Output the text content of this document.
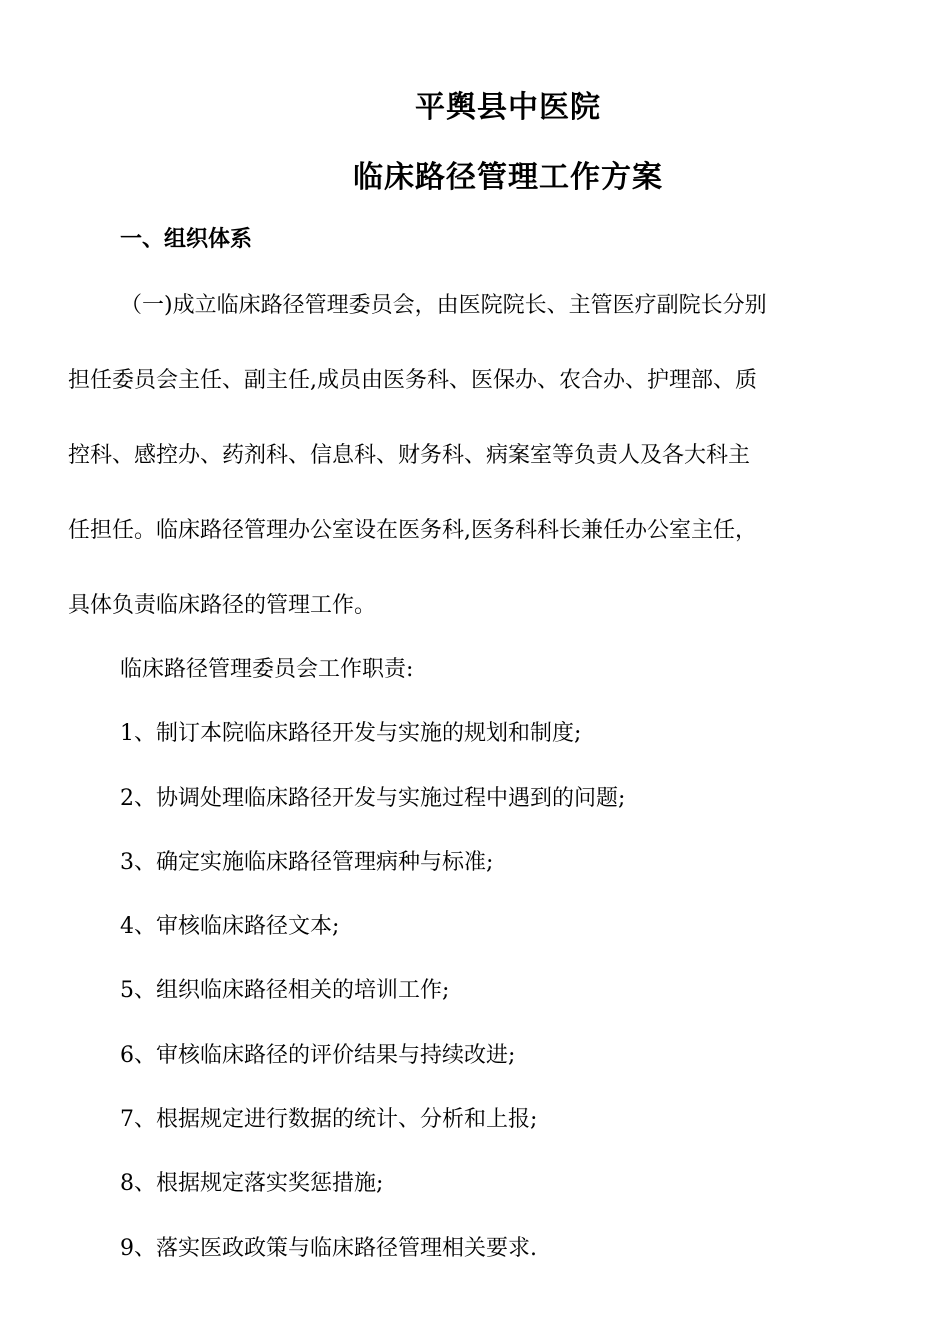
平舆县中医院
临床路径管理工作方案
一、组织体系
（一)成立临床路径管理委员会，由医院院长、主管医疗副院长分别
担任委员会主任、副主任,成员由医务科、医保办、农合办、护理部、质
控科、感控办、药剂科、信息科、财务科、病案室等负责人及各大科主
任担任。临床路径管理办公室设在医务科,医务科科长兼任办公室主任，
具体负责临床路径的管理工作。
临床路径管理委员会工作职责:
1、制订本院临床路径开发与实施的规划和制度;
2、协调处理临床路径开发与实施过程中遇到的问题;
3、确定实施临床路径管理病种与标准;
4、审核临床路径文本;
5、组织临床路径相关的培训工作;
6、审核临床路径的评价结果与持续改进;
7、根据规定进行数据的统计、分析和上报;
8、根据规定落实奖惩措施;
9、落实医政政策与临床路径管理相关要求.
